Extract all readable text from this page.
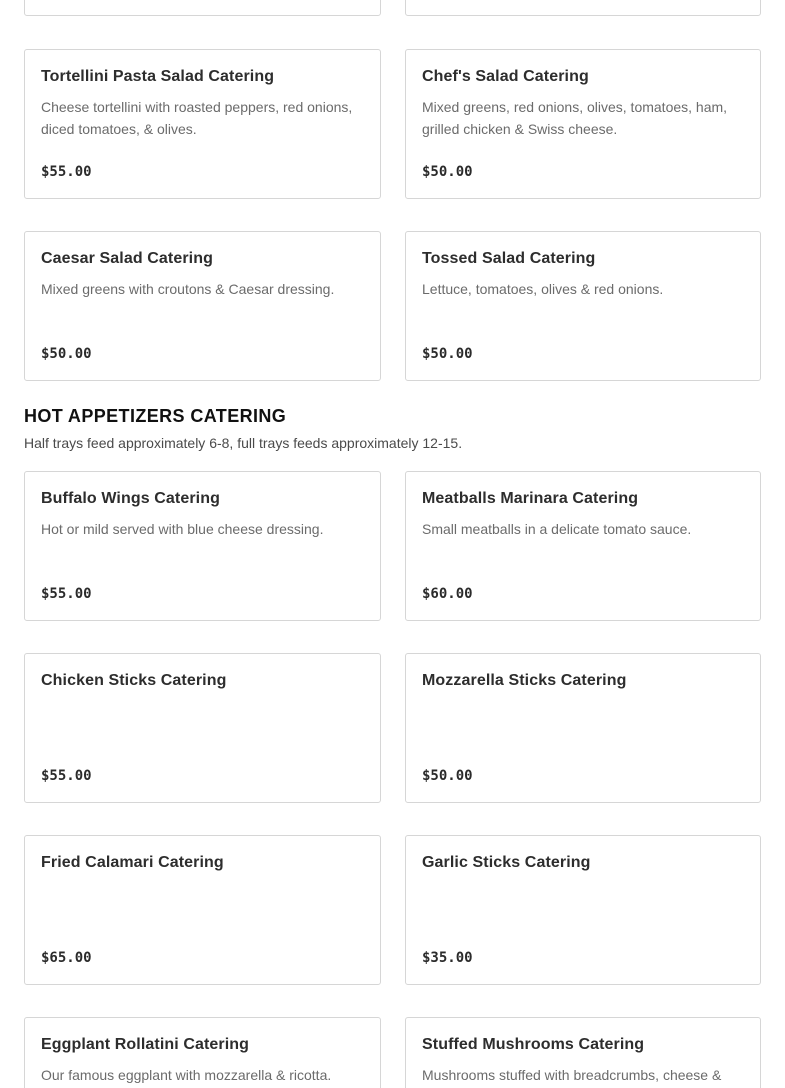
Tortellini Pasta Salad Catering
Cheese tortellini with roasted peppers, red onions, diced tomatoes, & olives.
$55.00
Chef's Salad Catering
Mixed greens, red onions, olives, tomatoes, ham, grilled chicken & Swiss cheese.
$50.00
Caesar Salad Catering
Mixed greens with croutons & Caesar dressing.
$50.00
Tossed Salad Catering
Lettuce, tomatoes, olives & red onions.
$50.00
HOT APPETIZERS CATERING

Half trays feed approximately 6-8, full trays feeds approximately 12-15.

Buffalo Wings Catering
Hot or mild served with blue cheese dressing.
$55.00
Meatballs Marinara Catering
Small meatballs in a delicate tomato sauce.
$60.00
Chicken Sticks Catering
$55.00
Mozzarella Sticks Catering
$50.00
Fried Calamari Catering
$65.00
Garlic Sticks Catering
$35.00
Eggplant Rollatini Catering
Our famous eggplant with mozzarella & ricotta.
Stuffed Mushrooms Catering
Mushrooms stuffed with breadcrumbs, cheese &
